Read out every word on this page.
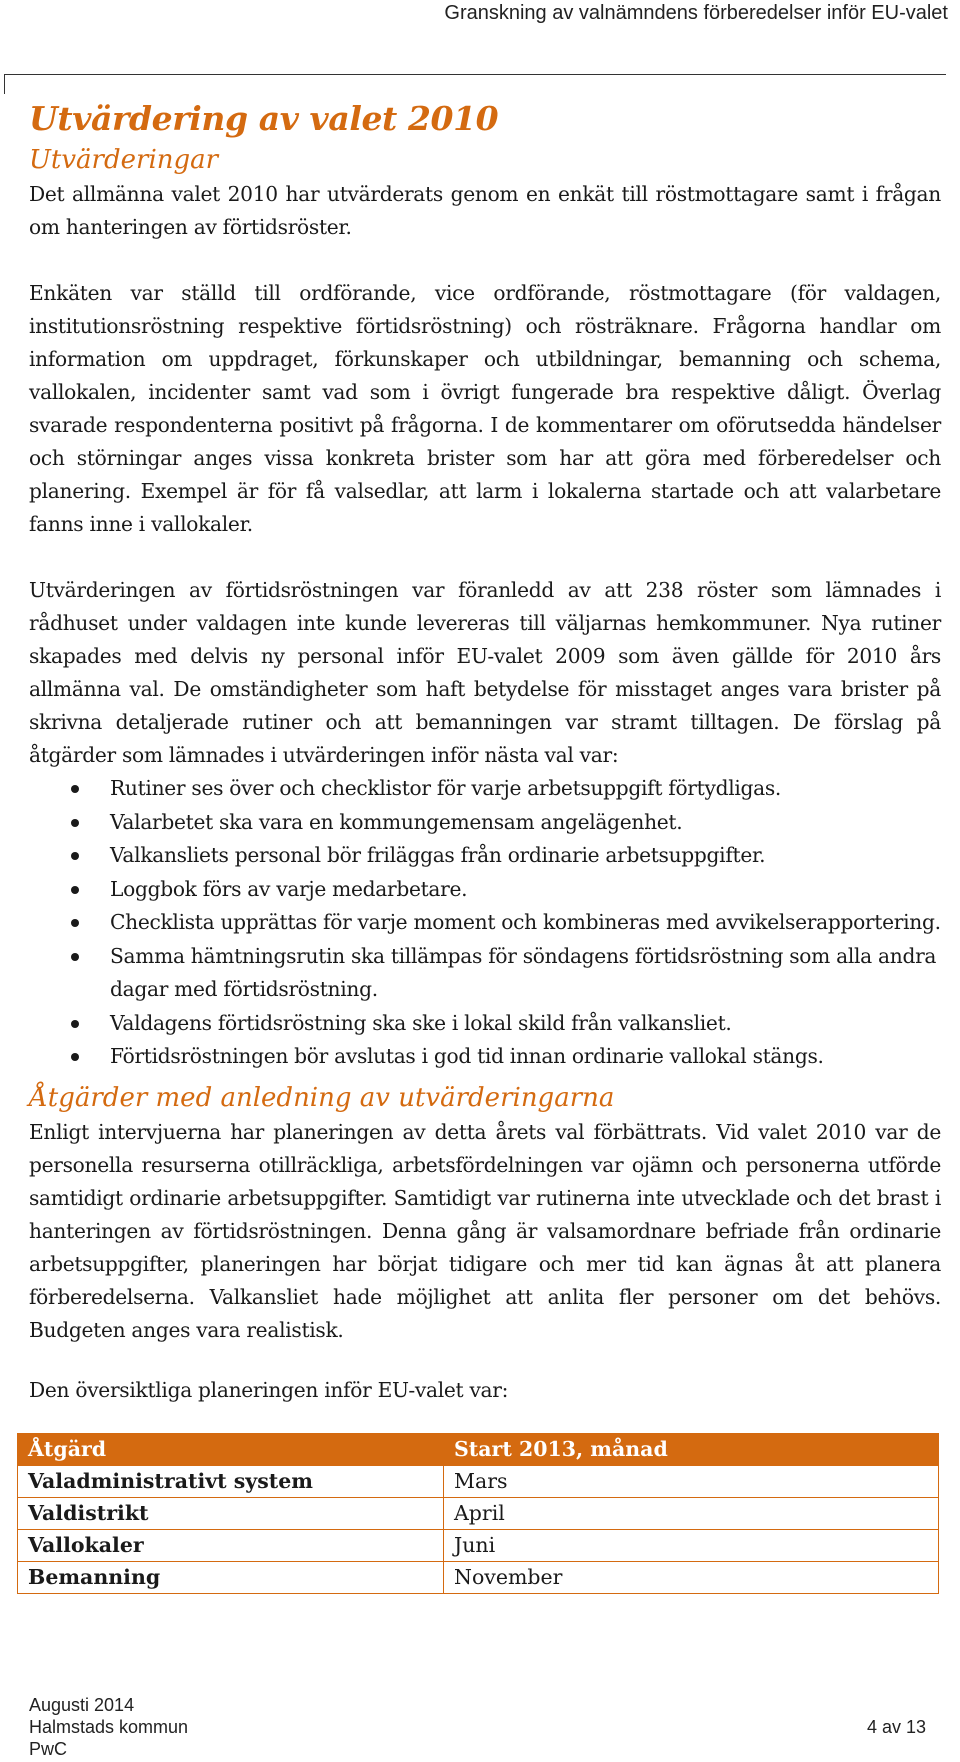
Granskning av valnämndens förberedelser inför EU-valet
Utvärdering av valet 2010
Utvärderingar

Det allmänna valet 2010 har utvärderats genom en enkät till röstmottagare samt i frågan om hanteringen av förtidsröster.

Enkäten var ställd till ordförande, vice ordförande, röstmottagare (för valdagen, institutionsröstning respektive förtidsröstning) och rösträknare. Frågorna handlar om information om uppdraget, förkunskaper och utbildningar, bemanning och schema, vallokalen, incidenter samt vad som i övrigt fungerade bra respektive dåligt. Överlag svarade respondenterna positivt på frågorna. I de kommentarer om oförutsedda händelser och störningar anges vissa konkreta brister som har att göra med förberedelser och planering. Exempel är för få valsedlar, att larm i lokalerna startade och att valarbetare fanns inne i vallokaler.

Utvärderingen av förtidsröstningen var föranledd av att 238 röster som lämnades i rådhuset under valdagen inte kunde levereras till väljarnas hemkommuner. Nya rutiner skapades med delvis ny personal inför EU-valet 2009 som även gällde för 2010 års allmänna val. De omständigheter som haft betydelse för misstaget anges vara brister på skrivna detaljerade rutiner och att bemanningen var stramt tilltagen. De förslag på åtgärder som lämnades i utvärderingen inför nästa val var:

Rutiner ses över och checklistor för varje arbetsuppgift förtydligas.
Valarbetet ska vara en kommungemensam angelägenhet.
Valkansliets personal bör friläggas från ordinarie arbetsuppgifter.
Loggbok förs av varje medarbetare.
Checklista upprättas för varje moment och kombineras med avvikelserapportering.
Samma hämtningsrutin ska tillämpas för söndagens förtidsröstning som alla andra dagar med förtidsröstning.
Valdagens förtidsröstning ska ske i lokal skild från valkansliet.
Förtidsröstningen bör avslutas i god tid innan ordinarie vallokal stängs.
Åtgärder med anledning av utvärderingarna

Enligt intervjuerna har planeringen av detta årets val förbättrats. Vid valet 2010 var de personella resurserna otillräckliga, arbetsfördelningen var ojämn och personerna utförde samtidigt ordinarie arbetsuppgifter. Samtidigt var rutinerna inte utvecklade och det brast i hanteringen av förtidsröstningen. Denna gång är valsamordnare befriade från ordinarie arbetsuppgifter, planeringen har börjat tidigare och mer tid kan ägnas åt att planera förberedelserna. Valkansliet hade möjlighet att anlita fler personer om det behövs. Budgeten anges vara realistisk.

Den översiktliga planeringen inför EU-valet var:

Åtgärd	Start 2013, månad
Valadministrativt system	Mars
Valdistrikt	April
Vallokaler	Juni
Bemanning	November
Augusti 2014
Halmstads kommun
PwC
4 av 13
